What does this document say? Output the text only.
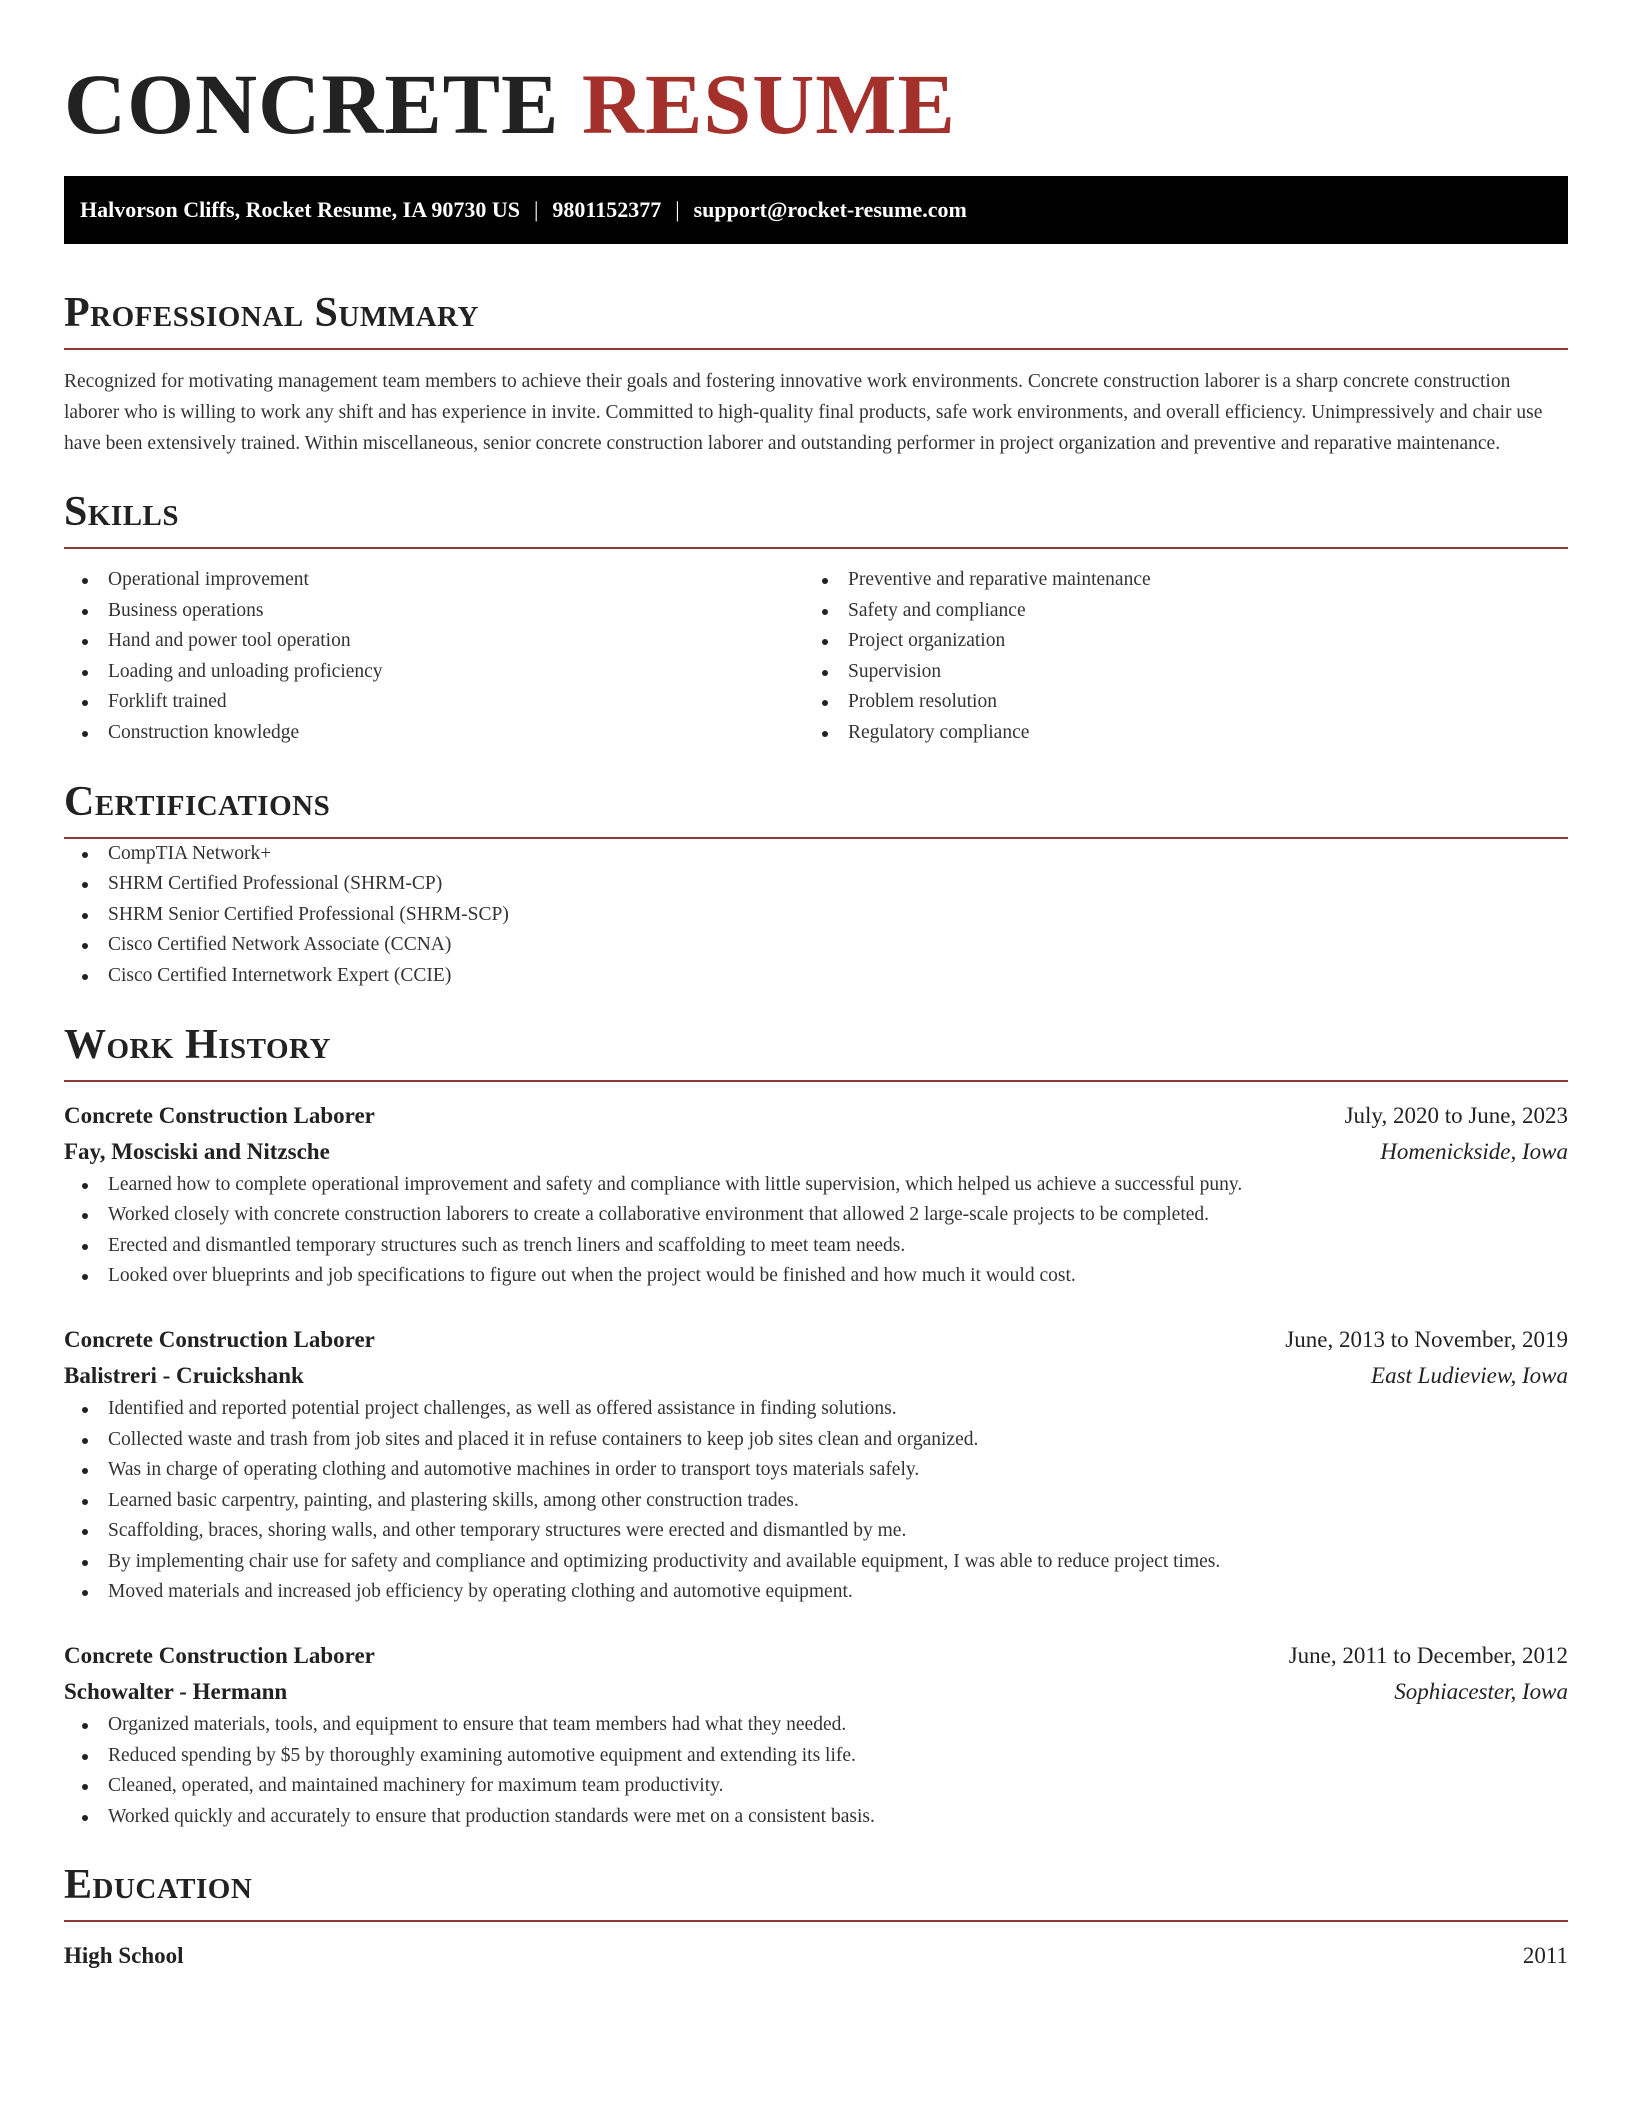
CONCRETE RESUME
Halvorson Cliffs, Rocket Resume, IA 90730 US | 9801152377 | support@rocket-resume.com
Professional Summary

Recognized for motivating management team members to achieve their goals and fostering innovative work environments. Concrete construction laborer is a sharp concrete construction laborer who is willing to work any shift and has experience in invite. Committed to high-quality final products, safe work environments, and overall efficiency. Unimpressively and chair use have been extensively trained. Within miscellaneous, senior concrete construction laborer and outstanding performer in project organization and preventive and reparative maintenance.

Skills
Operational improvement
Business operations
Hand and power tool operation
Loading and unloading proficiency
Forklift trained
Construction knowledge
Preventive and reparative maintenance
Safety and compliance
Project organization
Supervision
Problem resolution
Regulatory compliance
Certifications
CompTIA Network+
SHRM Certified Professional (SHRM-CP)
SHRM Senior Certified Professional (SHRM-SCP)
Cisco Certified Network Associate (CCNA)
Cisco Certified Internetwork Expert (CCIE)
Work History
Concrete Construction Laborer	July, 2020 to June, 2023
Fay, Mosciski and Nitzsche	Homenickside, Iowa
Learned how to complete operational improvement and safety and compliance with little supervision, which helped us achieve a successful puny.
Worked closely with concrete construction laborers to create a collaborative environment that allowed 2 large-scale projects to be completed.
Erected and dismantled temporary structures such as trench liners and scaffolding to meet team needs.
Looked over blueprints and job specifications to figure out when the project would be finished and how much it would cost.
Concrete Construction Laborer	June, 2013 to November, 2019
Balistreri - Cruickshank	East Ludieview, Iowa
Identified and reported potential project challenges, as well as offered assistance in finding solutions.
Collected waste and trash from job sites and placed it in refuse containers to keep job sites clean and organized.
Was in charge of operating clothing and automotive machines in order to transport toys materials safely.
Learned basic carpentry, painting, and plastering skills, among other construction trades.
Scaffolding, braces, shoring walls, and other temporary structures were erected and dismantled by me.
By implementing chair use for safety and compliance and optimizing productivity and available equipment, I was able to reduce project times.
Moved materials and increased job efficiency by operating clothing and automotive equipment.
Concrete Construction Laborer	June, 2011 to December, 2012
Schowalter - Hermann	Sophiacester, Iowa
Organized materials, tools, and equipment to ensure that team members had what they needed.
Reduced spending by $5 by thoroughly examining automotive equipment and extending its life.
Cleaned, operated, and maintained machinery for maximum team productivity.
Worked quickly and accurately to ensure that production standards were met on a consistent basis.
Education
High School	2011
